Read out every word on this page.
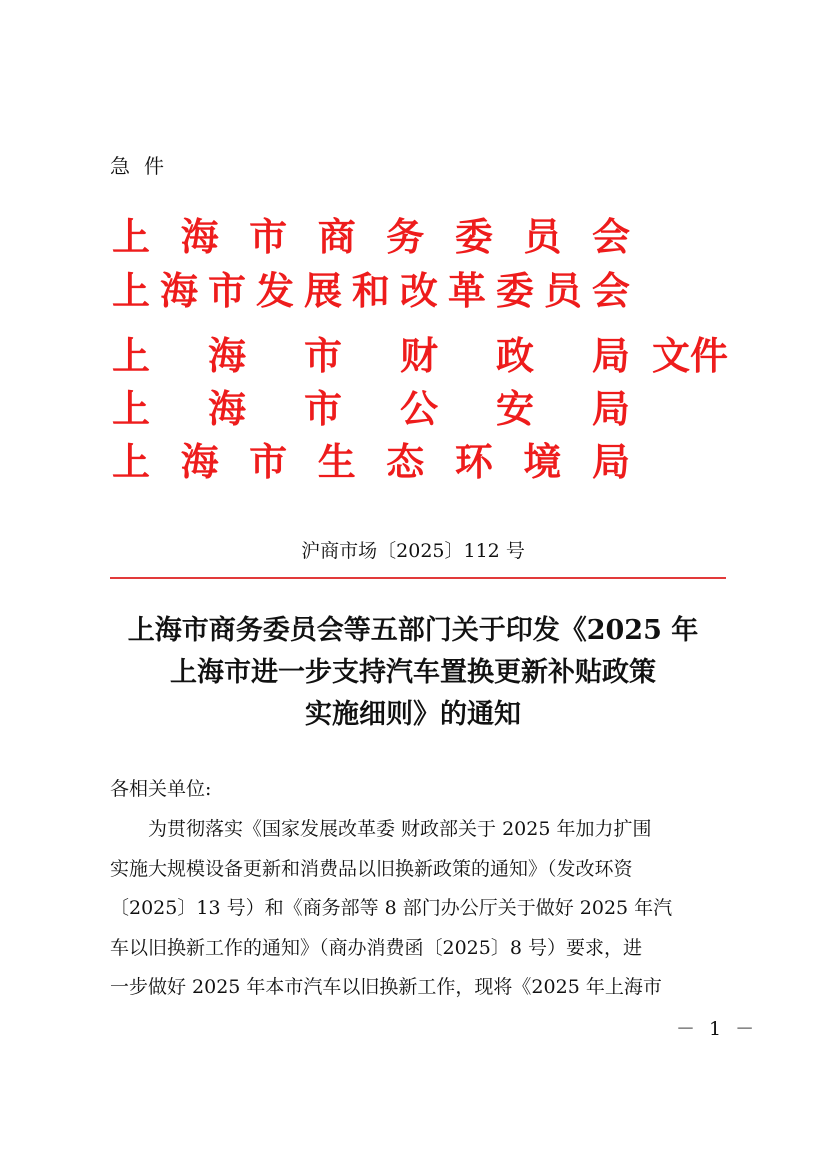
急件
上 海 市 商 务 委 员 会
上 海 市 发 展 和 改 革 委 员 会
上 海 市 财 政 局
上 海 市 公 安 局
上 海 市 生 态 环 境 局
文件
沪商市场〔2025〕112 号
上海市商务委员会等五部门关于印发《2025 年
上海市进一步支持汽车置换更新补贴政策
实施细则》的通知
各相关单位:
　　为贯彻落实《国家发展改革委 财政部关于 2025 年加力扩围
实施大规模设备更新和消费品以旧换新政策的通知》（发改环资
〔2025〕13 号）和《商务部等 8 部门办公厅关于做好 2025 年汽
车以旧换新工作的通知》（商办消费函〔2025〕8 号）要求，进
一步做好 2025 年本市汽车以旧换新工作，现将《2025 年上海市
－ 1 －
